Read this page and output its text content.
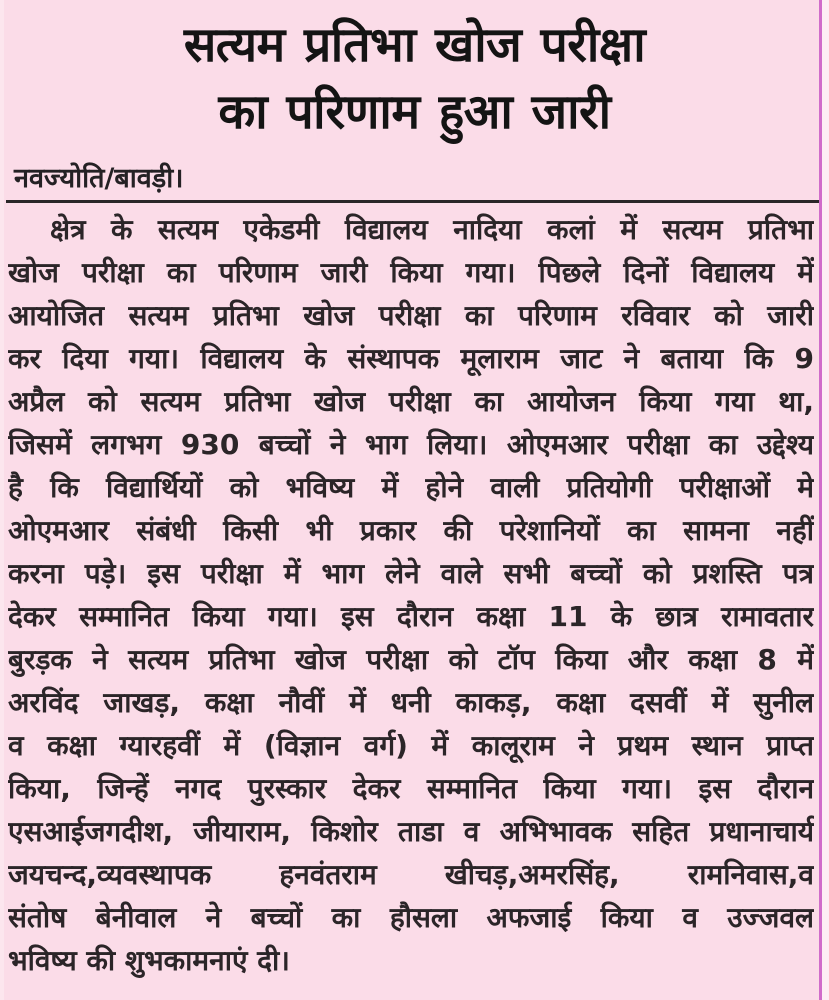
सत्यम प्रतिभा खोज परीक्षा
का परिणाम हुआ जारी
नवज्योति/बावड़ी।
क्षेत्र के सत्यम एकेडमी विद्यालय नादिया कलां में सत्यम प्रतिभा
खोज परीक्षा का परिणाम जारी किया गया। पिछले दिनों विद्यालय में
आयोजित सत्यम प्रतिभा खोज परीक्षा का परिणाम रविवार को जारी
कर दिया गया। विद्यालय के संस्थापक मूलाराम जाट ने बताया कि 9
अप्रैल को सत्यम प्रतिभा खोज परीक्षा का आयोजन किया गया था,
जिसमें लगभग 930 बच्चों ने भाग लिया। ओएमआर परीक्षा का उद्देश्य
है कि विद्यार्थियों को भविष्य में होने वाली प्रतियोगी परीक्षाओं मे
ओएमआर संबंधी किसी भी प्रकार की परेशानियों का सामना नहीं
करना पड़े। इस परीक्षा में भाग लेने वाले सभी बच्चों को प्रशस्ति पत्र
देकर सम्मानित किया गया। इस दौरान कक्षा 11 के छात्र रामावतार
बुरड़क ने सत्यम प्रतिभा खोज परीक्षा को टॉप किया और कक्षा 8 में
अरविंद जाखड़, कक्षा नौवीं में धनी काकड़, कक्षा दसवीं में सुनील
व कक्षा ग्यारहवीं में (विज्ञान वर्ग) में कालूराम ने प्रथम स्थान प्राप्त
किया, जिन्हें नगद पुरस्कार देकर सम्मानित किया गया। इस दौरान
एसआईजगदीश, जीयाराम, किशोर ताडा व अभिभावक सहित प्रधानाचार्य
जयचन्द,व्यवस्थापक हनवंतराम खीचड़,अमरसिंह, रामनिवास,व
संतोष बेनीवाल ने बच्चों का हौसला अफजाई किया व उज्जवल
भविष्य की शुभकामनाएं दी।
